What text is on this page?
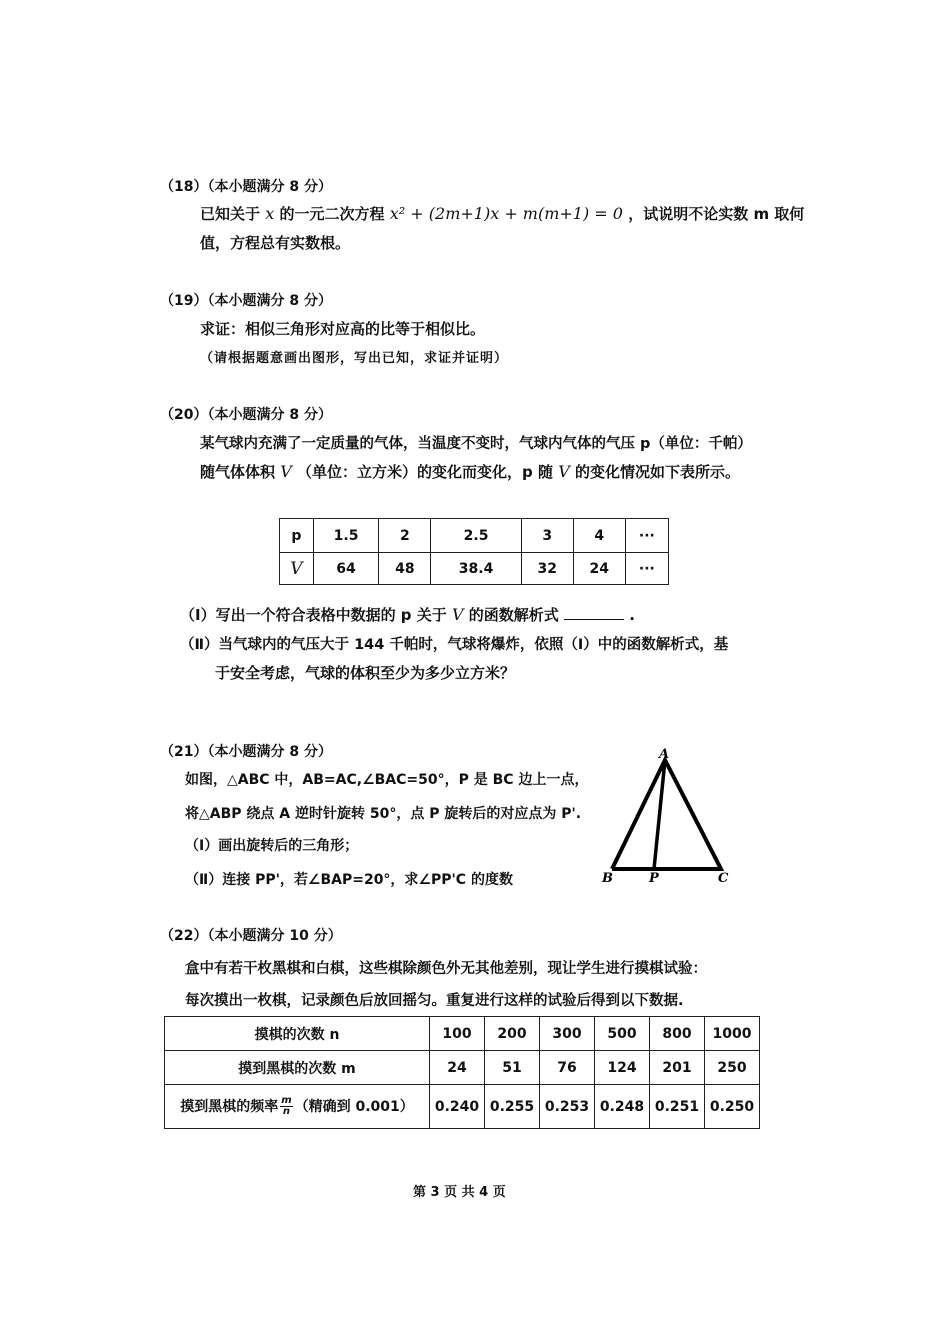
（18）（本小题满分 8 分）
已知关于 x 的一元二次方程 x² + (2m+1)x + m(m+1) = 0 ，试说明不论实数 m 取何
值，方程总有实数根。
（19）（本小题满分 8 分）
求证：相似三角形对应高的比等于相似比。
（请根据题意画出图形，写出已知，求证并证明）
（20）（本小题满分 8 分）
某气球内充满了一定质量的气体，当温度不变时，气球内气体的气压 p（单位：千帕）
随气体体积 V （单位：立方米）的变化而变化，p 随 V 的变化情况如下表所示。
p	1.5	2	2.5	3	4	···
V	64	48	38.4	32	24	···
（Ⅰ）写出一个符合表格中数据的 p 关于 V 的函数解析式	.
（Ⅱ）当气球内的气压大于 144 千帕时，气球将爆炸，依照（Ⅰ）中的函数解析式，基
于安全考虑，气球的体积至少为多少立方米？
（21）（本小题满分 8 分）
如图，△ABC 中，AB=AC,∠BAC=50°，P 是 BC 边上一点，
将△ABP 绕点 A 逆时针旋转 50°，点 P 旋转后的对应点为 P'.
（Ⅰ）画出旋转后的三角形；
（Ⅱ）连接 PP'，若∠BAP=20°，求∠PP'C 的度数
A
B	P	C
（22）（本小题满分 10 分）
盒中有若干枚黑棋和白棋，这些棋除颜色外无其他差别，现让学生进行摸棋试验：
每次摸出一枚棋，记录颜色后放回摇匀。重复进行这样的试验后得到以下数据.
摸棋的次数 n	100	200	300	500	800	1000
摸到黑棋的次数 m	24	51	76	124	201	250
摸到黑棋的频率 $\frac{m}{n}$ （精确到 0.001）	0.240	0.255	0.253	0.248	0.251	0.250
第 3 页 共 4 页
